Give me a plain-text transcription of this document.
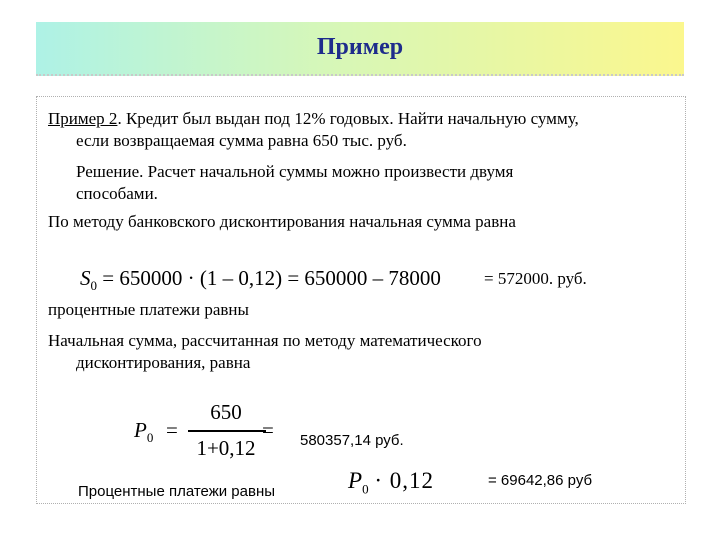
Пример
Пример 2. Кредит был выдан под 12% годовых. Найти начальную сумму,
если возвращаемая сумма равна 650 тыс. руб.
Решение. Расчет начальной суммы можно произвести двумя
способами.
По методу банковского дисконтирования начальная сумма равна
$S_0 = 650000 \cdot (1 - 0,12) = 650000 - 78000$	= 572000. руб.
процентные платежи равны
Начальная сумма, рассчитанная по методу математического
дисконтирования, равна
$P_0$ =
650
1+0,12
= 580357,14 руб.
Процентные платежи равны	$P_0 \cdot 0,12$	= 69642,86 руб
